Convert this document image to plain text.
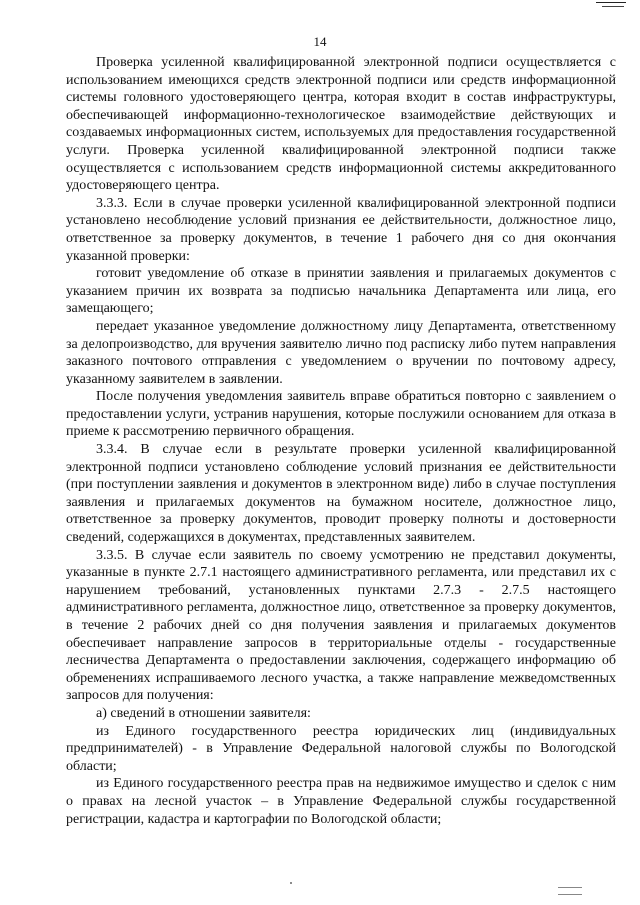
14

Проверка усиленной квалифицированной электронной подписи осуществляется с использованием имеющихся средств электронной подписи или средств информационной системы головного удостоверяющего центра, которая входит в состав инфраструктуры, обеспечивающей информационно-технологическое взаимодействие действующих и создаваемых информационных систем, используемых для предоставления государственной услуги. Проверка усиленной квалифицированной электронной подписи также осуществляется с использованием средств информационной системы аккредитованного удостоверяющего центра.

3.3.3. Если в случае проверки усиленной квалифицированной электронной подписи установлено несоблюдение условий признания ее действительности, должностное лицо, ответственное за проверку документов, в течение 1 рабочего дня со дня окончания указанной проверки:

готовит уведомление об отказе в принятии заявления и прилагаемых документов с указанием причин их возврата за подписью начальника Департамента или лица, его замещающего;

передает указанное уведомление должностному лицу Департамента, ответственному за делопроизводство, для вручения заявителю лично под расписку либо путем направления заказного почтового отправления с уведомлением о вручении по почтовому адресу, указанному заявителем в заявлении.

После получения уведомления заявитель вправе обратиться повторно с заявлением о предоставлении услуги, устранив нарушения, которые послужили основанием для отказа в приеме к рассмотрению первичного обращения.

3.3.4. В случае если в результате проверки усиленной квалифицированной электронной подписи установлено соблюдение условий признания ее действительности (при поступлении заявления и документов в электронном виде) либо в случае поступления заявления и прилагаемых документов на бумажном носителе, должностное лицо, ответственное за проверку документов, проводит проверку полноты и достоверности сведений, содержащихся в документах, представленных заявителем.

3.3.5. В случае если заявитель по своему усмотрению не представил документы, указанные в пункте 2.7.1 настоящего административного регламента, или представил их с нарушением требований, установленных пунктами 2.7.3 - 2.7.5 настоящего административного регламента, должностное лицо, ответственное за проверку документов, в течение 2 рабочих дней со дня получения заявления и прилагаемых документов обеспечивает направление запросов в территориальные отделы - государственные лесничества Департамента о предоставлении заключения, содержащего информацию об обременениях испрашиваемого лесного участка, а также направление межведомственных запросов для получения:

а) сведений в отношении заявителя:

из Единого государственного реестра юридических лиц (индивидуальных предпринимателей) - в Управление Федеральной налоговой службы по Вологодской области;

из Единого государственного реестра прав на недвижимое имущество и сделок с ним о правах на лесной участок – в Управление Федеральной службы государственной регистрации, кадастра и картографии по Вологодской области;
